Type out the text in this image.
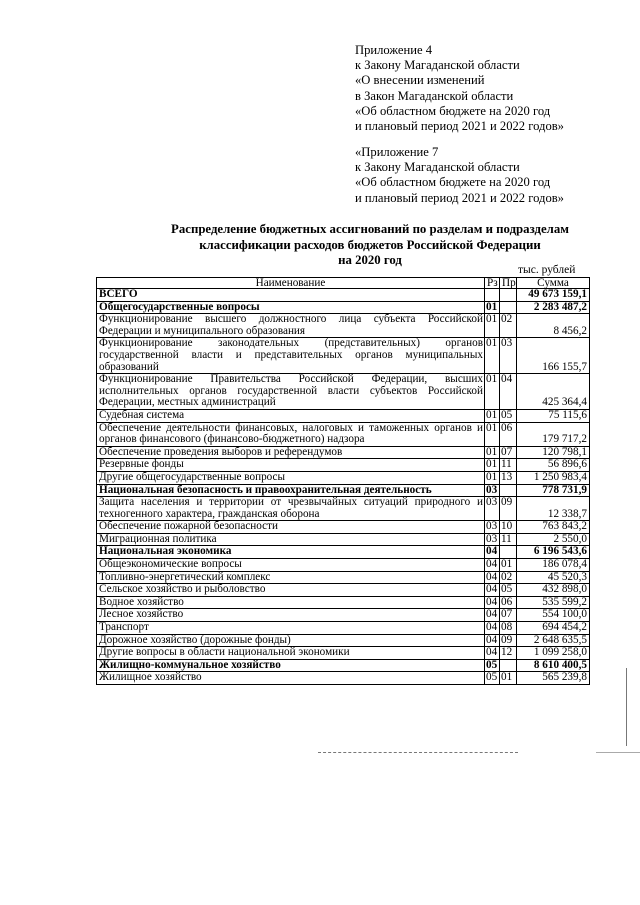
Приложение 4
к Закону Магаданской области
«О внесении изменений
в Закон Магаданской области
«Об областном бюджете на 2020 год
и плановый период 2021 и 2022 годов»
«Приложение 7
к Закону Магаданской области
«Об областном бюджете на 2020 год
и плановый период 2021 и 2022 годов»
Распределение бюджетных ассигнований по разделам и подразделам
классификации расходов бюджетов Российской Федерации
на 2020 год
тыс. рублей
Наименование	Рз	Пр	Сумма
ВСЕГО			49 673 159,1
Общегосударственные вопросы	01		2 283 487,2
Функционирование высшего должностного лица субъекта Российской Федерации и муниципального образования	01	02	8 456,2
Функционирование законодательных (представительных) органов государственной власти и представительных органов муниципальных образований	01	03	166 155,7
Функционирование Правительства Российской Федерации, высших исполнительных органов государственной власти субъектов Российской Федерации, местных администраций	01	04	425 364,4
Судебная система	01	05	75 115,6
Обеспечение деятельности финансовых, налоговых и таможенных органов и органов финансового (финансово-бюджетного) надзора	01	06	179 717,2
Обеспечение проведения выборов и референдумов	01	07	120 798,1
Резервные фонды	01	11	56 896,6
Другие общегосударственные вопросы	01	13	1 250 983,4
Национальная безопасность и правоохранительная деятельность	03		778 731,9
Защита населения и территории от чрезвычайных ситуаций природного и техногенного характера, гражданская оборона	03	09	12 338,7
Обеспечение пожарной безопасности	03	10	763 843,2
Миграционная политика	03	11	2 550,0
Национальная экономика	04		6 196 543,6
Общеэкономические вопросы	04	01	186 078,4
Топливно-энергетический комплекс	04	02	45 520,3
Сельское хозяйство и рыболовство	04	05	432 898,0
Водное хозяйство	04	06	535 599,2
Лесное хозяйство	04	07	554 100,0
Транспорт	04	08	694 454,2
Дорожное хозяйство (дорожные фонды)	04	09	2 648 635,5
Другие вопросы в области национальной экономики	04	12	1 099 258,0
Жилищно-коммунальное хозяйство	05		8 610 400,5
Жилищное хозяйство	05	01	565 239,8
